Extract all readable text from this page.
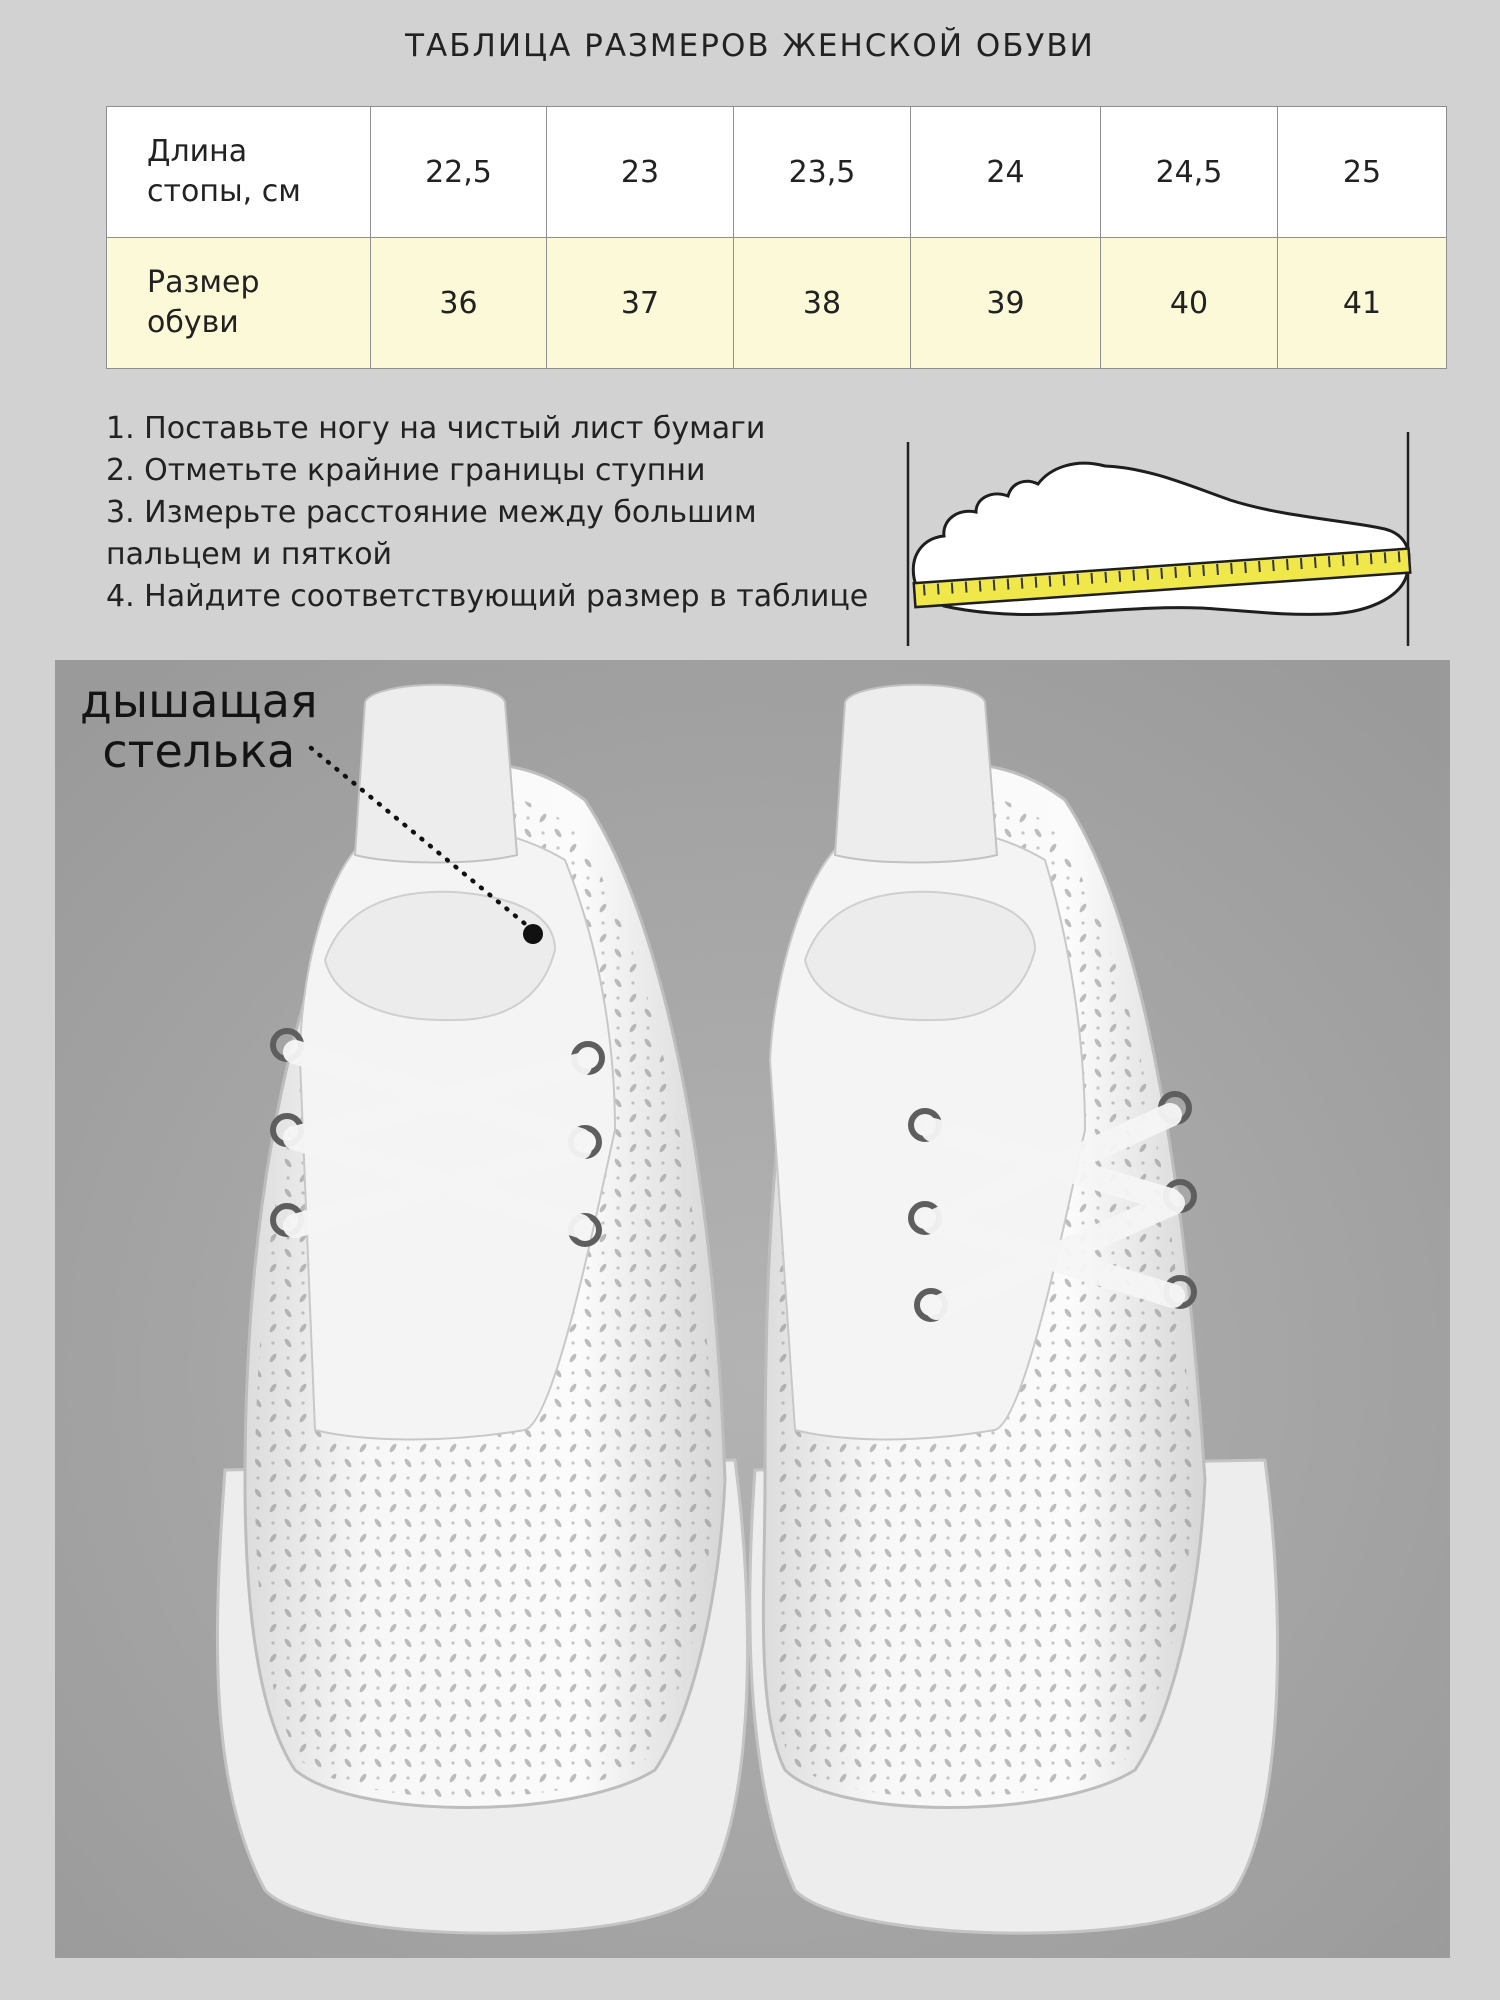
ТАБЛИЦА РАЗМЕРОВ ЖЕНСКОЙ ОБУВИ
Длина
стопы, см	22,5	23	23,5	24	24,5	25

Размер
обуви	36	37	38	39	40	41
1. Поставьте ногу на чистый лист бумаги
2. Отметьте крайние границы ступни
3. Измерьте расстояние между большим
пальцем и пяткой
4. Найдите соответствующий размер в таблице
дышащая
стелька
